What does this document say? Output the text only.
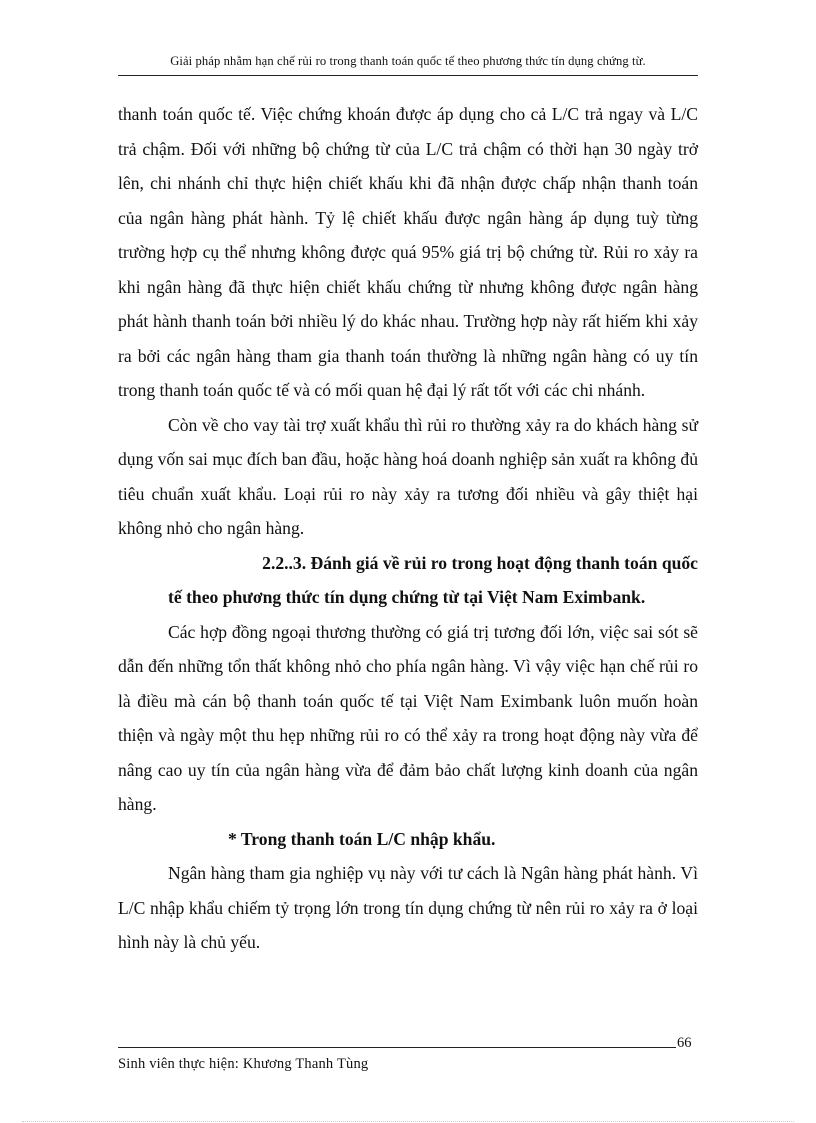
Giải pháp nhằm hạn chế rủi ro trong thanh toán quốc tế theo phương thức tín dụng chứng từ.

thanh toán quốc tế. Việc chứng khoán được áp dụng cho cả L/C trả ngay và L/C trả chậm. Đối với những bộ chứng từ của L/C trả chậm có thời hạn 30 ngày trở lên, chi nhánh chỉ thực hiện chiết khấu khi đã nhận được chấp nhận thanh toán của ngân hàng phát hành. Tỷ lệ chiết khấu được ngân hàng áp dụng tuỳ từng trường hợp cụ thể nhưng không được quá 95% giá trị bộ chứng từ. Rủi ro xảy ra khi ngân hàng đã thực hiện chiết khấu chứng từ nhưng không được ngân hàng phát hành thanh toán bởi nhiều lý do khác nhau. Trường hợp này rất hiếm khi xảy ra bởi các ngân hàng tham gia thanh toán thường là những ngân hàng có uy tín trong thanh toán quốc tế và có mối quan hệ đại lý rất tốt với các chi nhánh.

Còn về cho vay tài trợ xuất khẩu thì rủi ro thường xảy ra do khách hàng sử dụng vốn sai mục đích ban đầu, hoặc hàng hoá doanh nghiệp sản xuất ra không đủ tiêu chuẩn xuất khẩu. Loại rủi ro này xảy ra tương đối nhiều và gây thiệt hại không nhỏ cho ngân hàng.

2.2..3. Đánh giá về rủi ro trong hoạt động thanh toán quốc

tế theo phương thức tín dụng chứng từ tại Việt Nam Eximbank.

Các hợp đồng ngoại thương thường có giá trị tương đối lớn, việc sai sót sẽ dẫn đến những tổn thất không nhỏ cho phía ngân hàng. Vì vậy việc hạn chế rủi ro là điều mà cán bộ thanh toán quốc tế tại Việt Nam Eximbank luôn muốn hoàn thiện và ngày một thu hẹp những rủi ro có thể xảy ra trong hoạt động này vừa để nâng cao uy tín của ngân hàng vừa để đảm bảo chất lượng kinh doanh của ngân hàng.

* Trong thanh toán L/C nhập khẩu.

Ngân hàng tham gia nghiệp vụ này với tư cách là Ngân hàng phát hành. Vì L/C nhập khẩu chiếm tỷ trọng lớn trong tín dụng chứng từ nên rủi ro xảy ra ở loại hình này là chủ yếu.

66
Sinh viên thực hiện: Khương Thanh Tùng
